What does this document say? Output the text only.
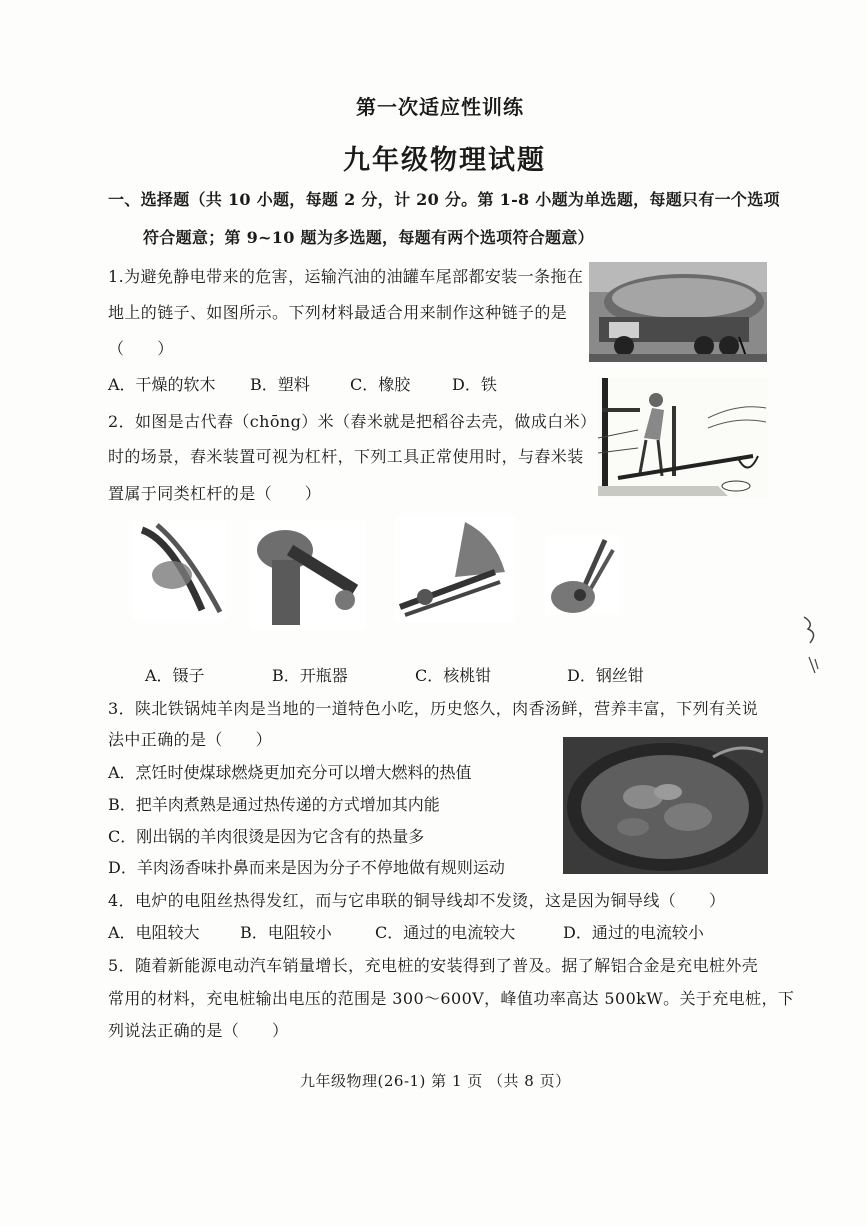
第一次适应性训练
九年级物理试题
一、选择题（共 10 小题，每题 2 分，计 20 分。第 1-8 小题为单选题，每题只有一个选项
符合题意；第 9~10 题为多选题，每题有两个选项符合题意）
1.为避免静电带来的危害，运输汽油的油罐车尾部都安装一条拖在
地上的链子、如图所示。下列材料最适合用来制作这种链子的是
（　　）
A．干燥的软木 B．塑料	C．橡胶	D．铁
2．如图是古代舂（chōng）米（舂米就是把稻谷去壳，做成白米）
时的场景，舂米装置可视为杠杆，下列工具正常使用时，与舂米装
置属于同类杠杆的是（　　）
A．镊子	B．开瓶器	C．核桃钳	D．钢丝钳
3．陕北铁锅炖羊肉是当地的一道特色小吃，历史悠久，肉香汤鲜，营养丰富，下列有关说
法中正确的是（　　）
A．烹饪时使煤球燃烧更加充分可以增大燃料的热值
B．把羊肉煮熟是通过热传递的方式增加其内能
C．刚出锅的羊肉很烫是因为它含有的热量多
D．羊肉汤香味扑鼻而来是因为分子不停地做有规则运动
4．电炉的电阻丝热得发红，而与它串联的铜导线却不发烫，这是因为铜导线（　　）
A．电阻较大	B．电阻较小	C．通过的电流较大	D．通过的电流较小
5．随着新能源电动汽车销量增长，充电桩的安装得到了普及。据了解铝合金是充电桩外壳
常用的材料，充电桩输出电压的范围是 300～600V，峰值功率高达 500kW。关于充电桩，下
列说法正确的是（　　）
九年级物理(26-1) 第 1 页 （共 8 页）
